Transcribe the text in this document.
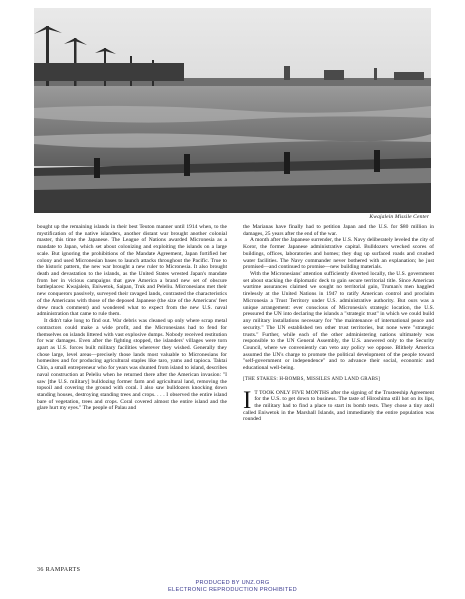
Kwajalein Missile Center

bought up the remaining islands in their best Teuton manner until 1914 when, to the mystification of the native islanders, another distant war brought another colonial master, this time the Japanese. The League of Nations awarded Micronesia as a mandate to Japan, which set about colonizing and exploiting the islands on a large scale. But ignoring the prohibitions of the Mandate Agreement, Japan fortified her colony and used Micronesian bases to launch attacks throughout the Pacific. True to the historic pattern, the new war brought a new ruler to Micronesia. It also brought death and devastation to the islands, as the United States wrested Japan's mandate from her in vicious campaigns that gave America a brand new set of obscure battleplaces: Kwajalein, Eniwetok, Saipan, Truk and Peleliu. Micronesians met their new conquerors passively, surveyed their ravaged lands, contrasted the characteristics of the Americans with those of the deposed Japanese (the size of the Americans' feet drew much comment) and wondered what to expect from the new U.S. naval administration that came to rule them.

It didn't take long to find out. War debris was cleaned up only where scrap metal contractors could make a wide profit, and the Micronesians had to fend for themselves on islands littered with vast explosive dumps. Nobody received restitution for war damages. Even after the fighting stopped, the islanders' villages were torn apart as U.S. forces built military facilities wherever they wished. Generally they chose large, level areas—precisely those lands most valuable to Micronesians for homesites and for producing agricultural staples like taro, yams and tapioca. Taktai Chin, a small entrepreneur who for years was shunted from island to island, describes naval construction at Peleliu when he returned there after the American invasion: "I saw [the U.S. military] bulldozing former farm and agricultural land, removing the topsoil and covering the ground with coral. I also saw bulldozers knocking down standing houses, destroying standing trees and crops. . . . I observed the entire island bare of vegetation, trees and crops. Coral covered almost the entire island and the glare hurt my eyes." The people of Palau and

the Marianas have finally had to petition Japan and the U.S. for $80 million in damages, 25 years after the end of the war.

A month after the Japanese surrender, the U.S. Navy deliberately leveled the city of Koror, the former Japanese administrative capital. Bulldozers wrecked scores of buildings, offices, laboratories and homes; they dug up surfaced roads and crushed water facilities. The Navy commander never bothered with an explanation; he just promised—and continued to promise—new building materials.

With the Micronesians' attention sufficiently diverted locally, the U.S. government set about stacking the diplomatic deck to gain secure territorial title. Since American wartime assurances claimed we sought no territorial gain, Truman's men haggled tirelessly at the United Nations in 1947 to ratify American control and proclaim Micronesia a Trust Territory under U.S. administrative authority. But ours was a unique arrangement: ever conscious of Micronesia's strategic location, the U.S. pressured the UN into declaring the islands a "strategic trust" in which we could build any military installations necessary for "the maintenance of international peace and security." The UN established ten other trust territories, but none were "strategic trusts." Further, while each of the other administering nations ultimately was responsible to the UN General Assembly, the U.S. answered only to the Security Council, where we conveniently can veto any policy we oppose. Blithely America assumed the UN's charge to promote the political development of the people toward "self-government or independence" and to advance their social, economic and educational well-being.

[THE STAKES: H-BOMBS, MISSILES AND LAND GRABS]

I T TOOK ONLY FIVE MONTHS after the signing of the Trusteeship Agreement for the U.S. to get down to business. The taste of Hiroshima still hot on its lips, the military had to find a place to start its bomb tests. They chose a tiny atoll called Eniwetok in the Marshall Islands, and immediately the entire population was rounded

36 RAMPARTS
PRODUCED BY UNZ.ORG
ELECTRONIC REPRODUCTION PROHIBITED
